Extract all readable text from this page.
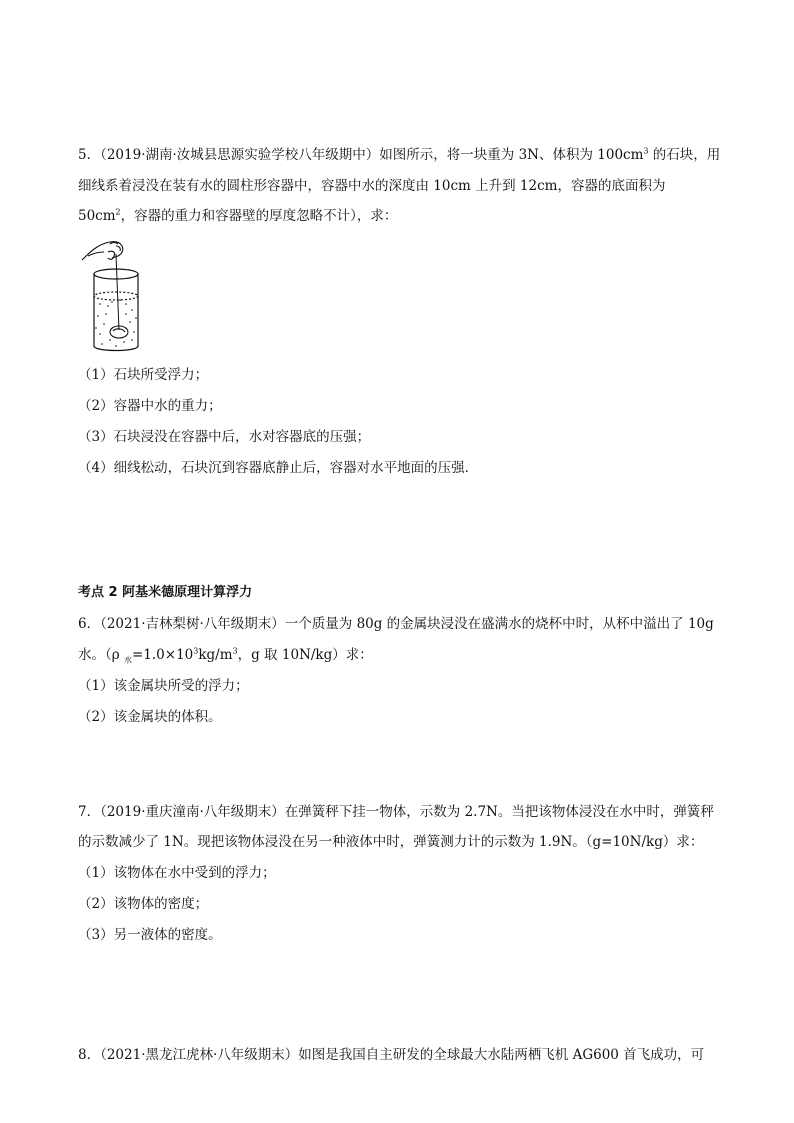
5．（2019·湖南·汝城县思源实验学校八年级期中）如图所示，将一块重为 3N、体积为 $100cm^3$ 的石块，用
细线系着浸没在装有水的圆柱形容器中，容器中水的深度由 10cm 上升到 12cm，容器的底面积为
$50cm^2$，容器的重力和容器壁的厚度忽略不计），求：
（1）石块所受浮力；
（2）容器中水的重力；
（3）石块浸没在容器中后，水对容器底的压强；
（4）细线松动，石块沉到容器底静止后，容器对水平地面的压强．
考点 2 阿基米德原理计算浮力
6．（2021·吉林梨树·八年级期末）一个质量为 80g 的金属块浸没在盛满水的烧杯中时，从杯中溢出了 10g
水。（ρ $_水=1.0\times 10^3kg/m^3$，g 取 10N/kg）求：
（1）该金属块所受的浮力；
（2）该金属块的体积。
7．（2019·重庆潼南·八年级期末）在弹簧秤下挂一物体，示数为 2.7N。当把该物体浸没在水中时，弹簧秤
的示数减少了 1N。现把该物体浸没在另一种液体中时，弹簧测力计的示数为 1.9N。（g=10N/kg）求：
（1）该物体在水中受到的浮力；
（2）该物体的密度；
（3）另一液体的密度。
8．（2021·黑龙江虎林·八年级期末）如图是我国自主研发的全球最大水陆两栖飞机 AG600 首飞成功，可
